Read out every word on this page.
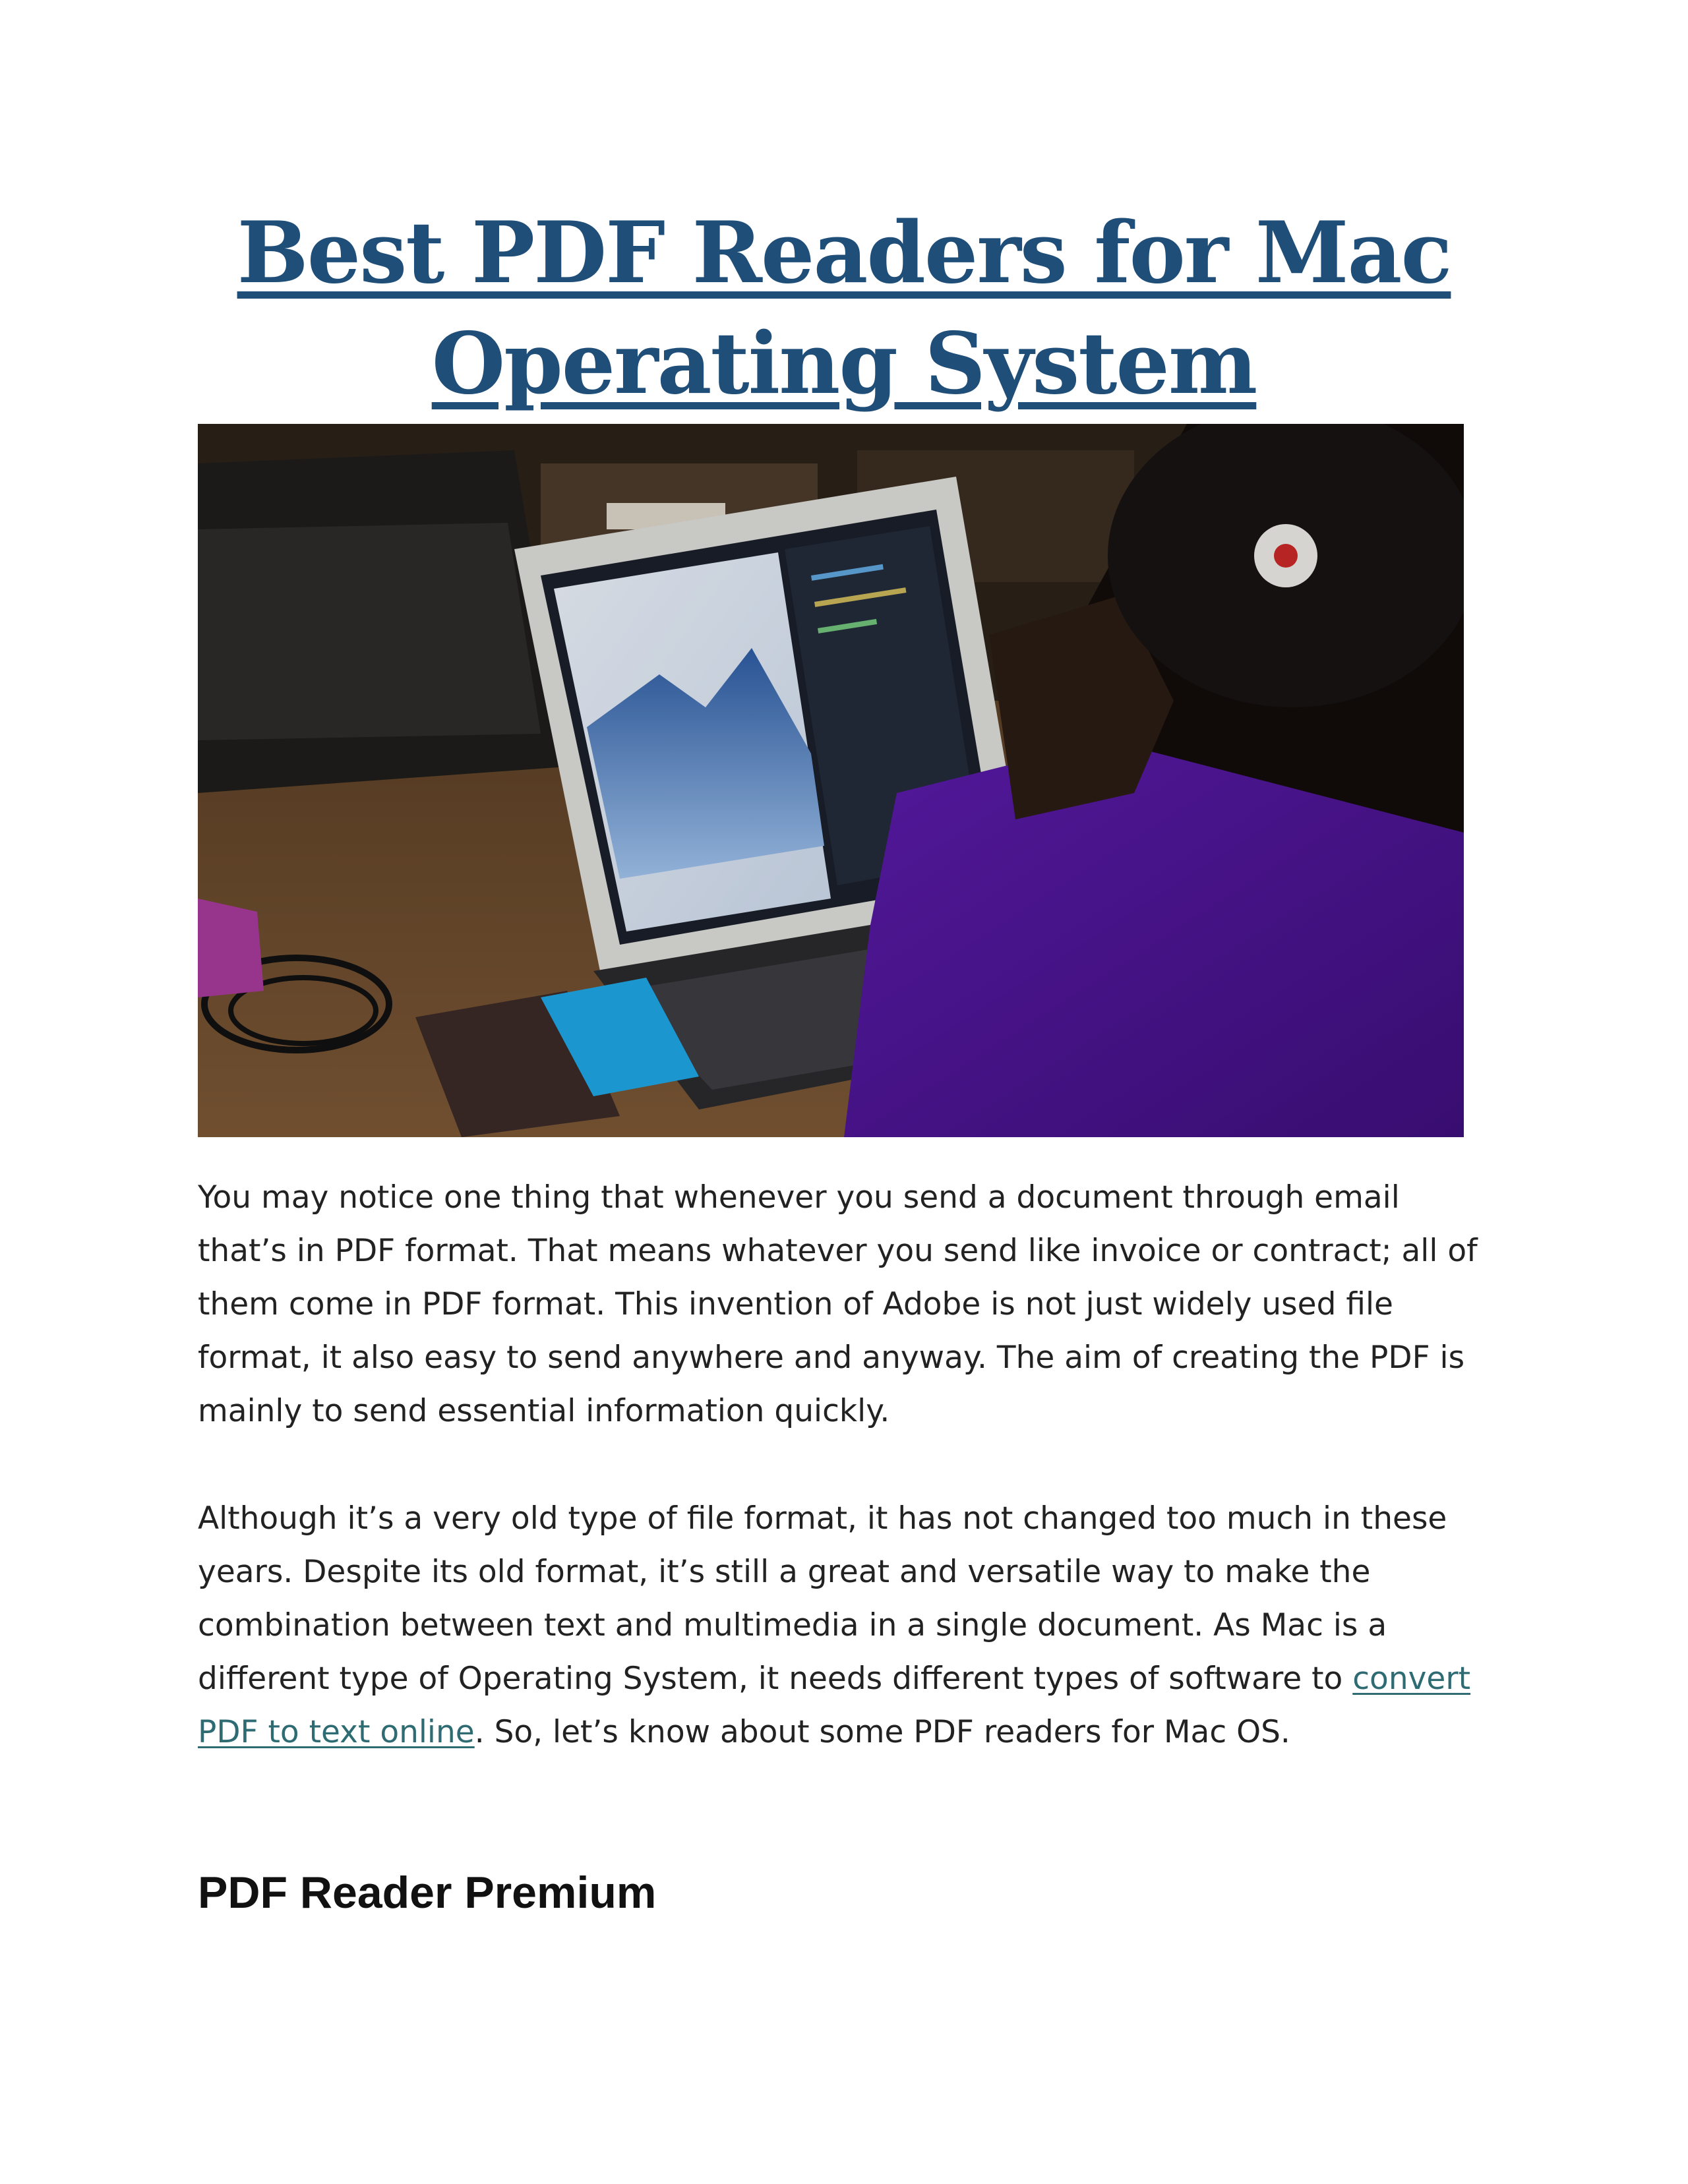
Best PDF Readers for Mac Operating System

You may notice one thing that whenever you send a document through email that’s in PDF format. That means whatever you send like invoice or contract; all of them come in PDF format. This invention of Adobe is not just widely used file format, it also easy to send anywhere and anyway. The aim of creating the PDF is mainly to send essential information quickly.

Although it’s a very old type of file format, it has not changed too much in these years. Despite its old format, it’s still a great and versatile way to make the combination between text and multimedia in a single document. As Mac is a different type of Operating System, it needs different types of software to convert PDF to text online. So, let’s know about some PDF readers for Mac OS.

PDF Reader Premium
